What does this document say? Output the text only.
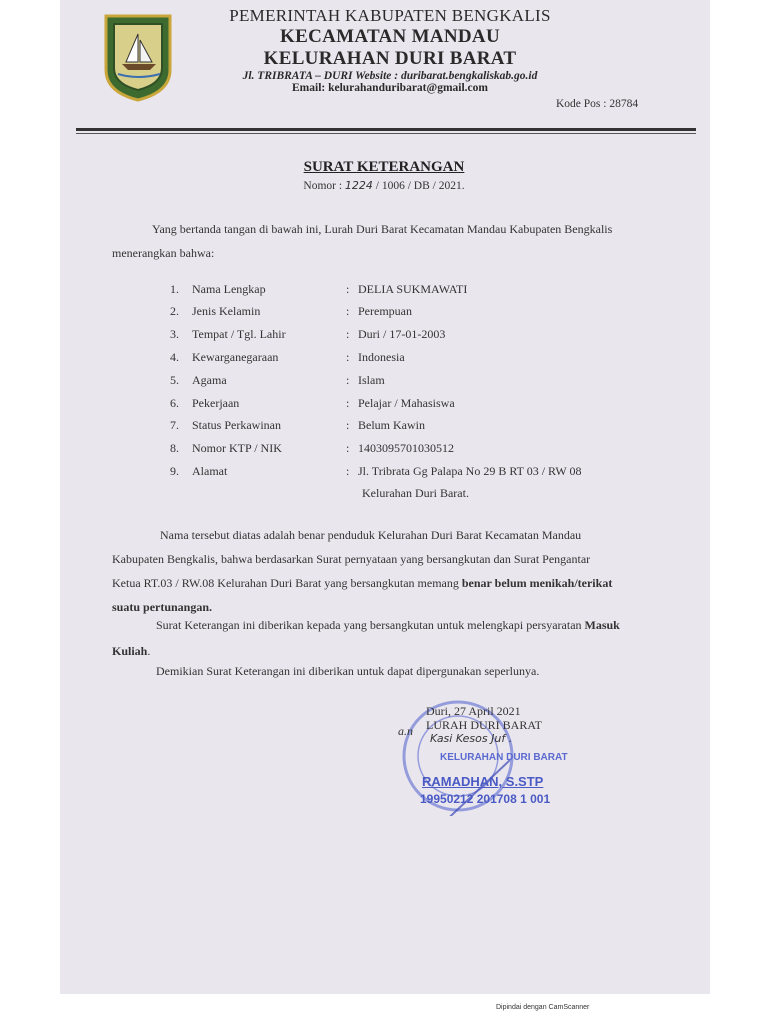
PEMERINTAH KABUPATEN BENGKALIS
KECAMATAN MANDAU
KELURAHAN DURI BARAT
Jl. TRIBRATA – DURI Website : duribarat.bengkaliskab.go.id
Email: kelurahanduribarat@gmail.com
Kode Pos : 28784
SURAT KETERANGAN
Nomor : 1224 / 1006 / DB / 2021.
Yang bertanda tangan di bawah ini, Lurah Duri Barat Kecamatan Mandau Kabupaten Bengkalis
menerangkan bahwa:
1. Nama Lengkap	: DELIA SUKMAWATI
2. Jenis Kelamin	: Perempuan
3. Tempat / Tgl. Lahir	: Duri / 17-01-2003
4. Kewarganegaraan	: Indonesia
5. Agama	: Islam
6. Pekerjaan	: Pelajar / Mahasiswa
7. Status Perkawinan	: Belum Kawin
8. Nomor KTP / NIK	: 1403095701030512
9. Alamat	: Jl. Tribrata Gg Palapa No 29 B RT 03 / RW 08
Kelurahan Duri Barat.
Nama tersebut diatas adalah benar penduduk Kelurahan Duri Barat Kecamatan Mandau
Kabupaten Bengkalis, bahwa berdasarkan Surat pernyataan yang bersangkutan dan Surat Pengantar
Ketua RT.03 / RW.08 Kelurahan Duri Barat yang bersangkutan memang benar belum menikah/terikat
suatu pertunangan.
Surat Keterangan ini diberikan kepada yang bersangkutan untuk melengkapi persyaratan Masuk
Kuliah.
Demikian Surat Keterangan ini diberikan untuk dapat dipergunakan seperlunya.
Duri, 27 April 2021
a.n LURAH DURI BARAT
Kasi Kesos Juf .
KELURAHAN DURI BARAT
RAMADHAN, S.STP
19950212 201708 1 001
Dipindai dengan CamScanner
